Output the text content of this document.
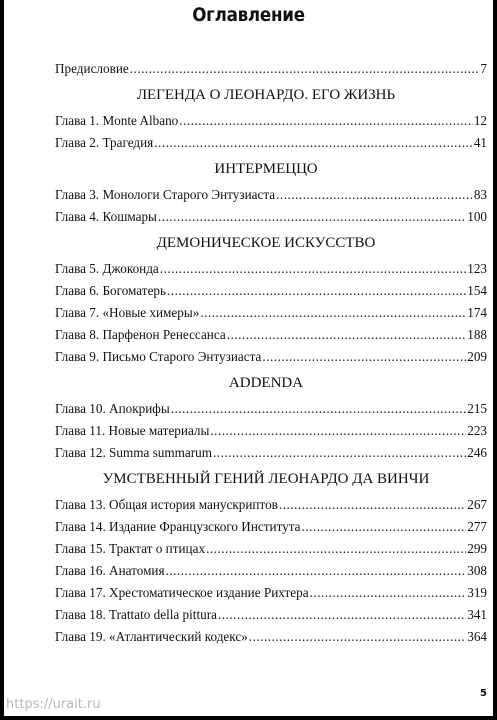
Оглавление
Предисловие .....	7
ЛЕГЕНДА О ЛЕОНАРДО. ЕГО ЖИЗНЬ
Глава 1. Monte Albano .....	12
Глава 2. Трагедия .....	41
ИНТЕРМЕЦЦО
Глава 3. Монологи Старого Энтузиаста .....	83
Глава 4. Кошмары .....	100
ДЕМОНИЧЕСКОЕ ИСКУССТВО
Глава 5. Джоконда .....	123
Глава 6. Богоматерь .....	154
Глава 7. «Новые химеры» .....	174
Глава 8. Парфенон Ренессанса .....	188
Глава 9. Письмо Старого Энтузиаста .....	209
ADDENDA
Глава 10. Апокрифы .....	215
Глава 11. Новые материалы .....	223
Глава 12. Summa summarum .....	246
УМСТВЕННЫЙ ГЕНИЙ ЛЕОНАРДО ДА ВИНЧИ
Глава 13. Общая история манускриптов .....	267
Глава 14. Издание Французского Института .....	277
Глава 15. Трактат о птицах .....	299
Глава 16. Анатомия .....	308
Глава 17. Хрестоматическое издание Рихтера .....	319
Глава 18. Trattato della pittura .....	341
Глава 19. «Атлантический кодекс» .....	364
5
https://urait.ru
